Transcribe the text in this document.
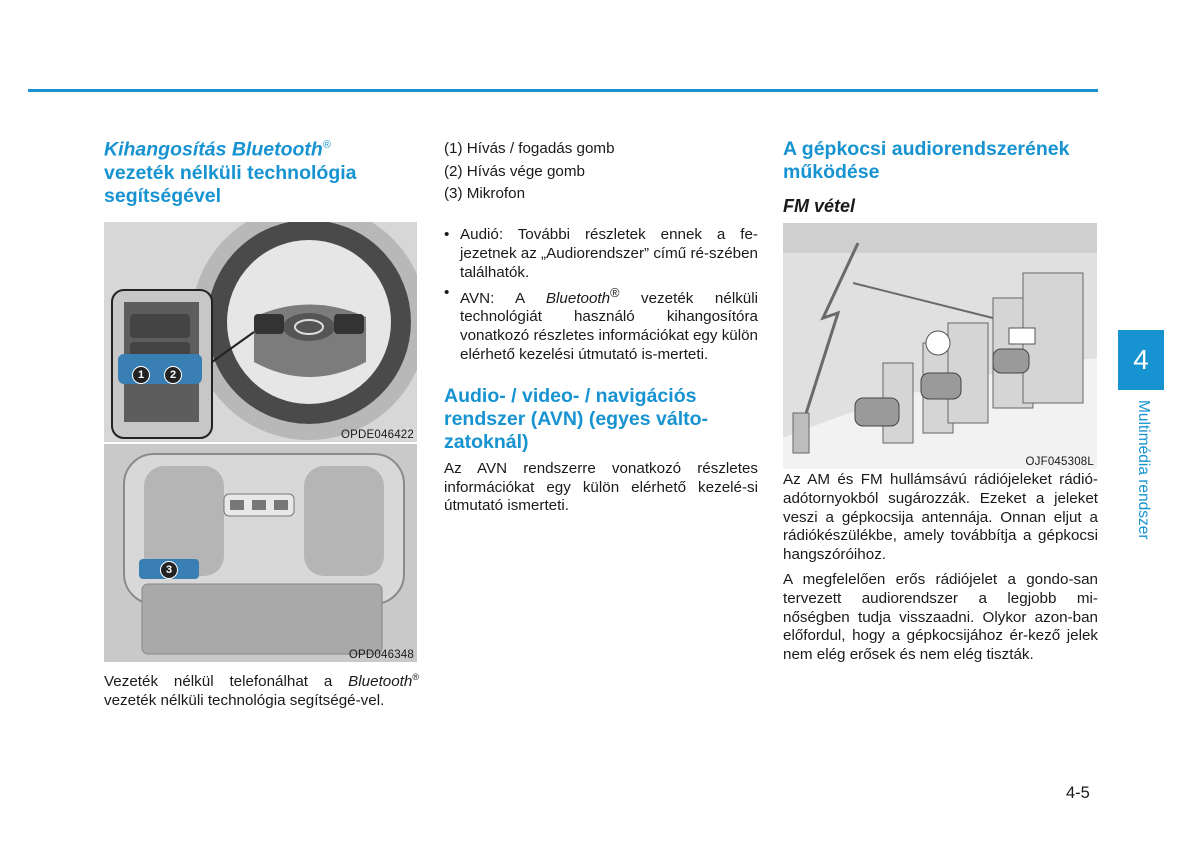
Kihangosítás Bluetooth®
vezeték nélküli technológia segítségével
1	2
OPDE046422
3
OPD046348

Vezeték nélkül telefonálhat a Bluetooth® vezeték nélküli technológia segítségé-vel.

(1) Hívás / fogadás gomb
(2) Hívás vége gomb
(3) Mikrofon
• Audió: További részletek ennek a fe-jezetnek az „Audiorendszer” című ré-szében találhatók.
• AVN: A Bluetooth® vezeték nélküli technológiát használó kihangosítóra vonatkozó részletes információkat egy külön elérhető kezelési útmutató is-merteti.
Audio- / video- / navigációs rendszer (AVN) (egyes válto-zatoknál)

Az AVN rendszerre vonatkozó részletes információkat egy külön elérhető kezelé-si útmutató ismerteti.

A gépkocsi audiorendszerének működése
FM vétel
OJF045308L

Az AM és FM hullámsávú rádiójeleket rádió-adótornyokból sugározzák. Ezeket a jeleket veszi a gépkocsija antennája. Onnan eljut a rádiókészülékbe, amely továbbítja a gépkocsi hangszóróihoz.

A megfelelően erős rádiójelet a gondo-san tervezett audiorendszer a legjobb mi-nőségben tudja visszaadni. Olykor azon-ban előfordul, hogy a gépkocsijához ér-kező jelek nem elég erősek és nem elég tiszták.

4
Multimédia rendszer
4-5
